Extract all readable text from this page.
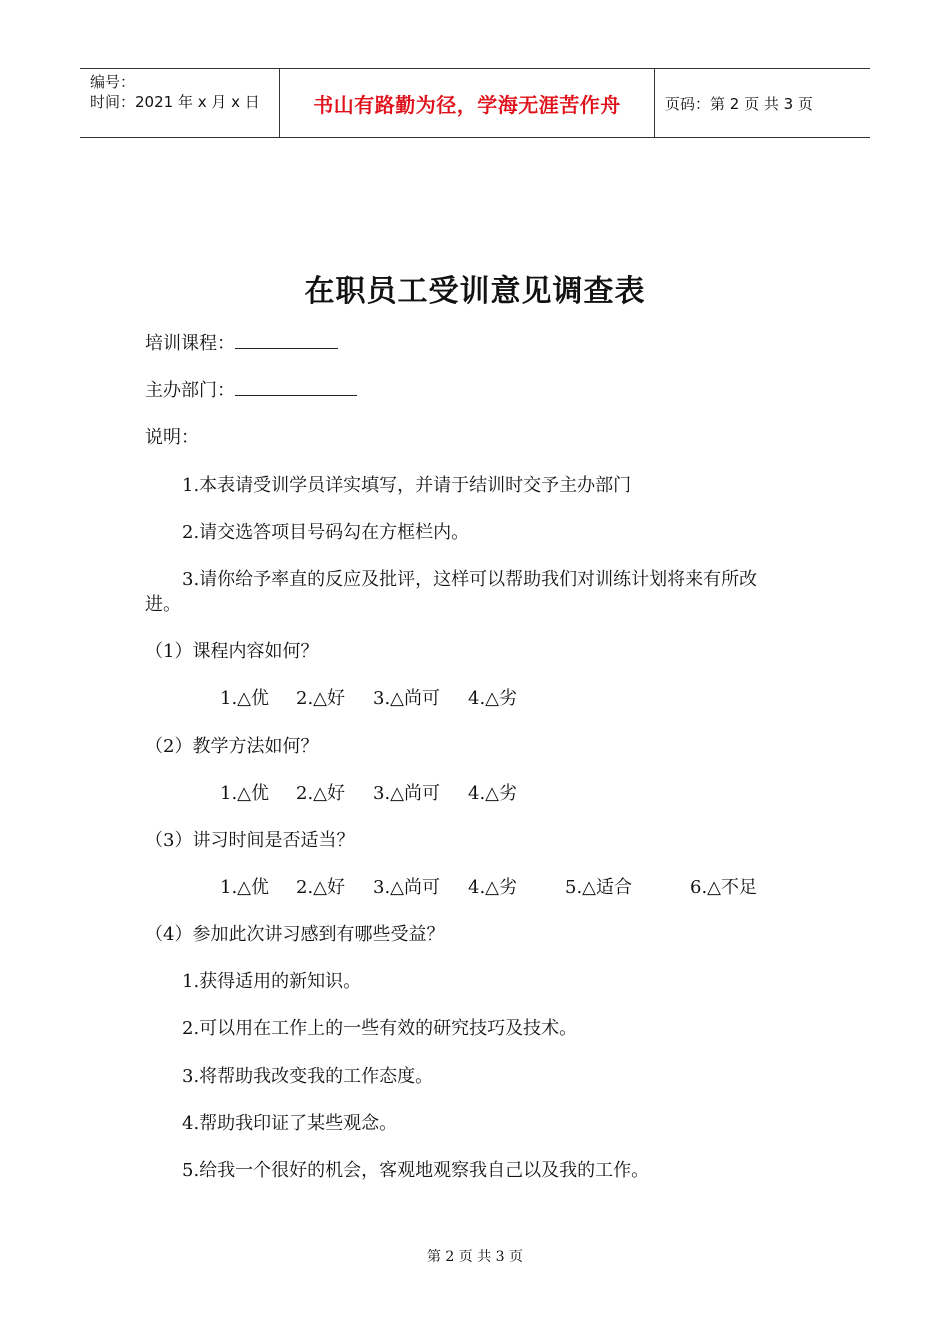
编号：
时间：2021 年 x 月 x 日	书山有路勤为径，学海无涯苦作舟	页码：第 2 页 共 3 页
在职员工受训意见调查表
培训课程：
主办部门：
说明：
1.本表请受训学员详实填写，并请于结训时交予主办部门
2.请交选答项目号码勾在方框栏内。
3.请你给予率直的反应及批评，这样可以帮助我们对训练计划将来有所改
进。
（1）课程内容如何？
1.△优 2.△好 3.△尚可 4.△劣
（2）教学方法如何？
1.△优 2.△好 3.△尚可 4.△劣
（3）讲习时间是否适当？
1.△优 2.△好 3.△尚可 4.△劣	5.△适合	6.△不足
（4）参加此次讲习感到有哪些受益？
1.获得适用的新知识。
2.可以用在工作上的一些有效的研究技巧及技术。
3.将帮助我改变我的工作态度。
4.帮助我印证了某些观念。
5.给我一个很好的机会，客观地观察我自己以及我的工作。
第 2 页 共 3 页
